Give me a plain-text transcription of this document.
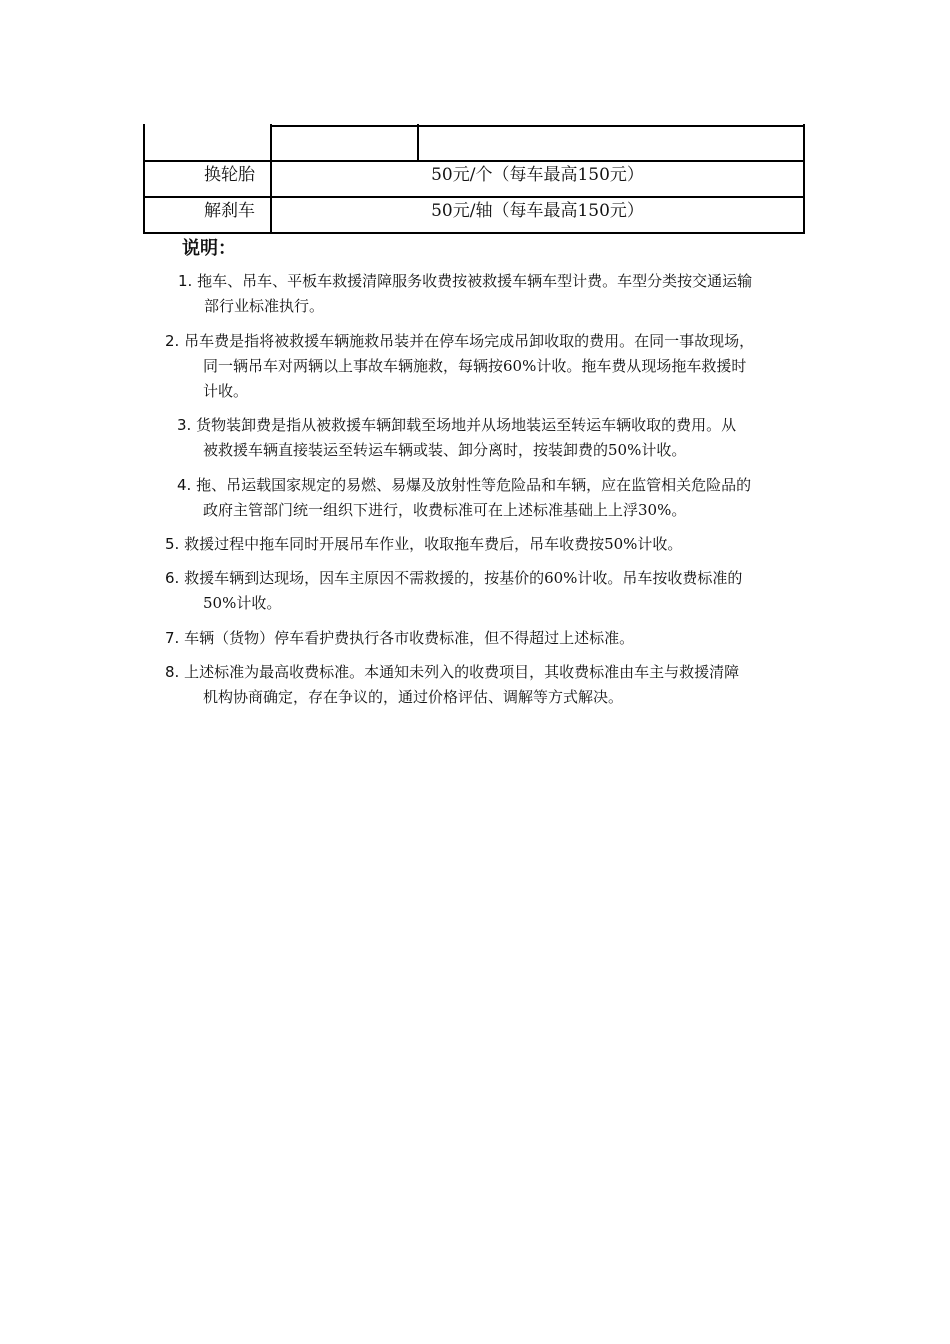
换轮胎	50元/个（每车最高150元）
解刹车	50元/轴（每车最高150元）
说明：
1. 拖车、吊车、平板车救援清障服务收费按被救援车辆车型计费。车型分类按交通运输
部行业标准执行。
2. 吊车费是指将被救援车辆施救吊装并在停车场完成吊卸收取的费用。在同一事故现场，
同一辆吊车对两辆以上事故车辆施救，每辆按60%计收。拖车费从现场拖车救援时
计收。
3. 货物装卸费是指从被救援车辆卸载至场地并从场地装运至转运车辆收取的费用。从
被救援车辆直接装运至转运车辆或装、卸分离时，按装卸费的50%计收。
4. 拖、吊运载国家规定的易燃、易爆及放射性等危险品和车辆，应在监管相关危险品的
政府主管部门统一组织下进行，收费标准可在上述标准基础上上浮30%。
5. 救援过程中拖车同时开展吊车作业，收取拖车费后，吊车收费按50%计收。
6. 救援车辆到达现场，因车主原因不需救援的，按基价的60%计收。吊车按收费标准的
50%计收。
7. 车辆（货物）停车看护费执行各市收费标准，但不得超过上述标准。
8. 上述标准为最高收费标准。本通知未列入的收费项目，其收费标准由车主与救援清障
机构协商确定，存在争议的，通过价格评估、调解等方式解决。
